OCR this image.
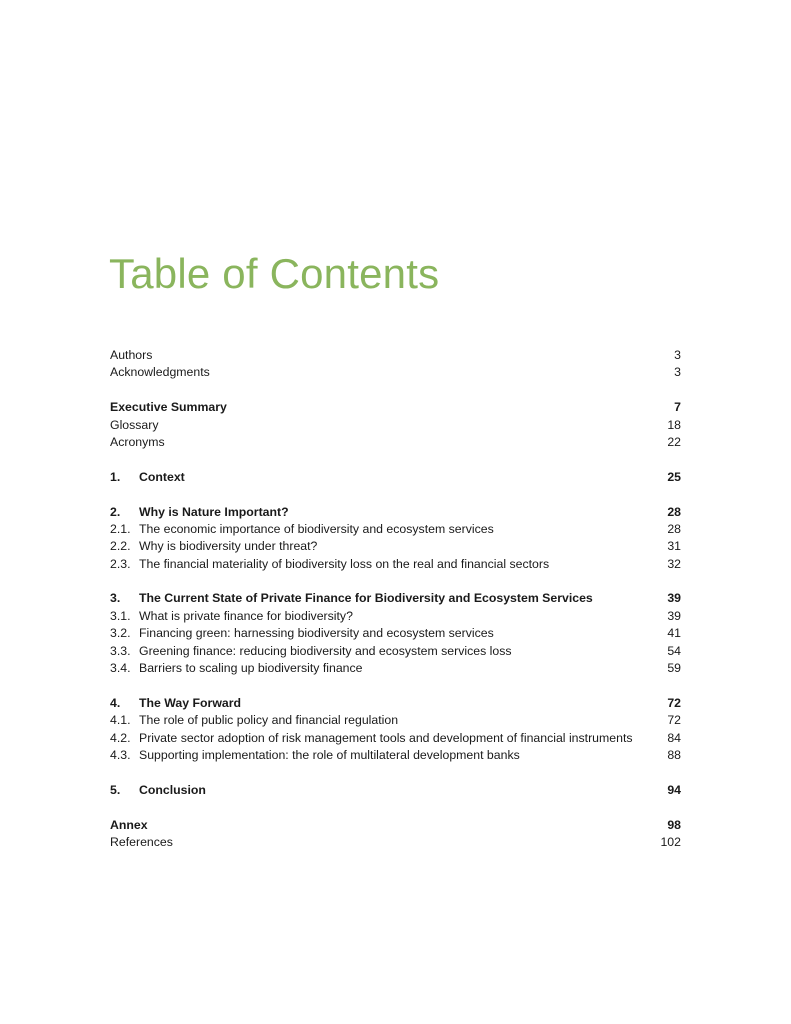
Table of Contents
Authors	3
Acknowledgments	3
Executive Summary	7
Glossary	18
Acronyms	22
1. Context	25
2. Why is Nature Important?	28
2.1. The economic importance of biodiversity and ecosystem services	28
2.2. Why is biodiversity under threat?	31
2.3. The financial materiality of biodiversity loss on the real and financial sectors	32
3. The Current State of Private Finance for Biodiversity and Ecosystem Services	39
3.1. What is private finance for biodiversity?	39
3.2. Financing green: harnessing biodiversity and ecosystem services	41
3.3. Greening finance: reducing biodiversity and ecosystem services loss	54
3.4. Barriers to scaling up biodiversity finance	59
4. The Way Forward	72
4.1. The role of public policy and financial regulation	72
4.2. Private sector adoption of risk management tools and development of financial instruments	84
4.3. Supporting implementation: the role of multilateral development banks	88
5. Conclusion	94
Annex	98
References	102
